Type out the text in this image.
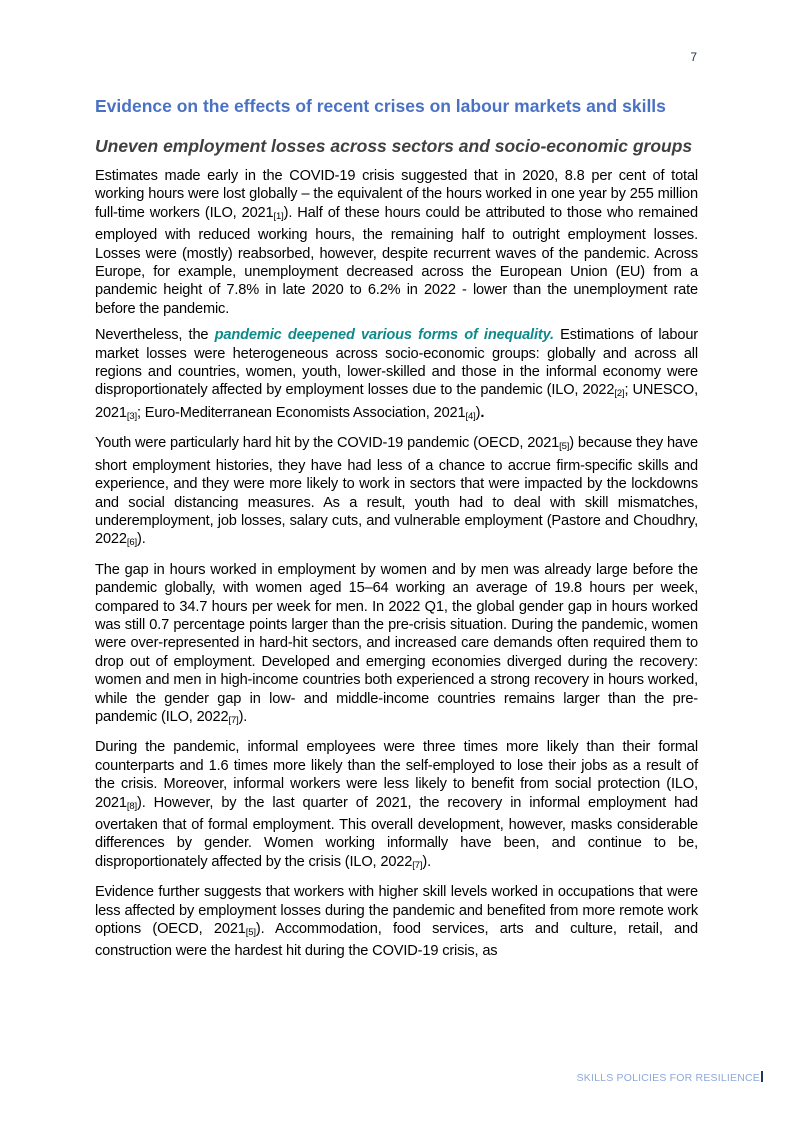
7
Evidence on the effects of recent crises on labour markets and skills
Uneven employment losses across sectors and socio-economic groups

Estimates made early in the COVID-19 crisis suggested that in 2020, 8.8 per cent of total working hours were lost globally – the equivalent of the hours worked in one year by 255 million full-time workers (ILO, 2021[1]). Half of these hours could be attributed to those who remained employed with reduced working hours, the remaining half to outright employment losses. Losses were (mostly) reabsorbed, however, despite recurrent waves of the pandemic. Across Europe, for example, unemployment decreased across the European Union (EU) from a pandemic height of 7.8% in late 2020 to 6.2% in 2022 - lower than the unemployment rate before the pandemic.

Nevertheless, the pandemic deepened various forms of inequality. Estimations of labour market losses were heterogeneous across socio-economic groups: globally and across all regions and countries, women, youth, lower-skilled and those in the informal economy were disproportionately affected by employment losses due to the pandemic (ILO, 2022[2]; UNESCO, 2021[3]; Euro-Mediterranean Economists Association, 2021[4]).

Youth were particularly hard hit by the COVID-19 pandemic (OECD, 2021[5]) because they have short employment histories, they have had less of a chance to accrue firm-specific skills and experience, and they were more likely to work in sectors that were impacted by the lockdowns and social distancing measures. As a result, youth had to deal with skill mismatches, underemployment, job losses, salary cuts, and vulnerable employment (Pastore and Choudhry, 2022[6]).

The gap in hours worked in employment by women and by men was already large before the pandemic globally, with women aged 15–64 working an average of 19.8 hours per week, compared to 34.7 hours per week for men. In 2022 Q1, the global gender gap in hours worked was still 0.7 percentage points larger than the pre-crisis situation. During the pandemic, women were over-represented in hard-hit sectors, and increased care demands often required them to drop out of employment. Developed and emerging economies diverged during the recovery: women and men in high-income countries both experienced a strong recovery in hours worked, while the gender gap in low- and middle-income countries remains larger than the pre-pandemic (ILO, 2022[7]).

During the pandemic, informal employees were three times more likely than their formal counterparts and 1.6 times more likely than the self-employed to lose their jobs as a result of the crisis. Moreover, informal workers were less likely to benefit from social protection (ILO, 2021[8]). However, by the last quarter of 2021, the recovery in informal employment had overtaken that of formal employment. This overall development, however, masks considerable differences by gender. Women working informally have been, and continue to be, disproportionately affected by the crisis (ILO, 2022[7]).

Evidence further suggests that workers with higher skill levels worked in occupations that were less affected by employment losses during the pandemic and benefited from more remote work options (OECD, 2021[5]). Accommodation, food services, arts and culture, retail, and construction were the hardest hit during the COVID-19 crisis, as

SKILLS POLICIES FOR RESILIENCE
